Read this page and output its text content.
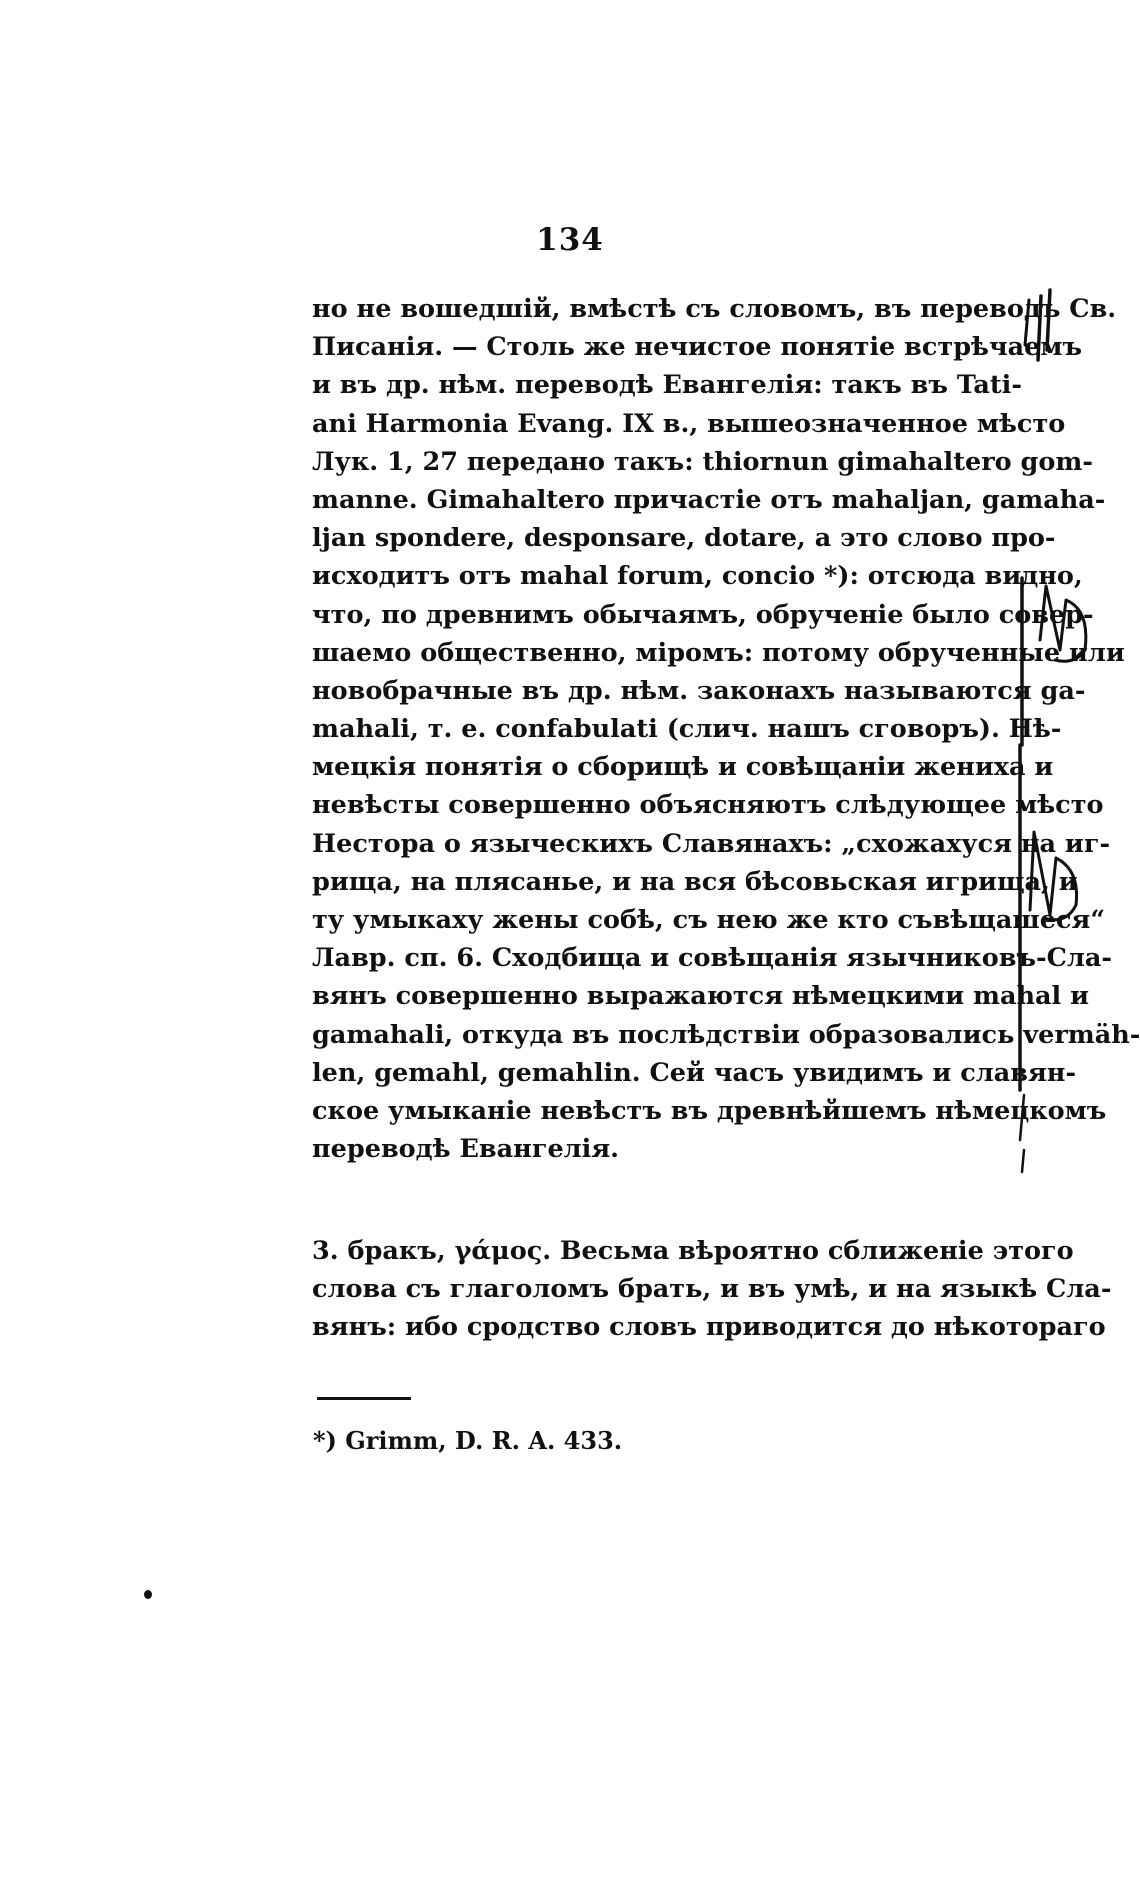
134
но не вошедшій, вмѣстѣ съ словомъ, въ переводъ Св.
Писанія. — Столь же нечистое понятіе встрѣчаемъ
и въ др. нѣм. переводѣ Евангелія: такъ въ Tati-
ani Harmonia Evang. IX в., вышеозначенное мѣсто
Лук. 1, 27 передано такъ: thiornun gimahaltero gom-
manne. Gimahaltero причастіе отъ mahaljan, gamaha-
ljan spondere, desponsare, dotare, а это слово про-
исходитъ отъ mahal forum, concio *): отсюда видно,
что, по древнимъ обычаямъ, обрученіе было совер-
шаемо общественно, міромъ: потому обрученные или
новобрачные въ др. нѣм. законахъ называются ga-
mahali, т. е. confabulati (слич. нашъ сговоръ). Нѣ-
мецкія понятія о сборищѣ и совѣщаніи жениха и
невѣсты совершенно объясняютъ слѣдующее мѣсто
Нестора о языческихъ Славянахъ: „схожахуся на иг-
рища, на плясанье, и на вся бѣсовьская игрища, и
ту умыкаху жены собѣ, съ нею же кто съвѣщашеся“
Лавр. сп. 6. Сходбища и совѣщанія язычниковъ-Сла-
вянъ совершенно выражаются нѣмецкими mahal и
gamahali, откуда въ послѣдствіи образовались vermäh-
len, gemahl, gemahlin. Сей часъ увидимъ и славян-
ское умыканіе невѣстъ въ древнѣйшемъ нѣмецкомъ
переводѣ Евангелія.
3. бракъ, γάμος. Весьма вѣроятно сближеніе этого
слова съ глаголомъ брать, и въ умѣ, и на языкѣ Сла-
вянъ: ибо сродство словъ приводится до нѣкотораго
*) Grimm, D. R. A. 433.
